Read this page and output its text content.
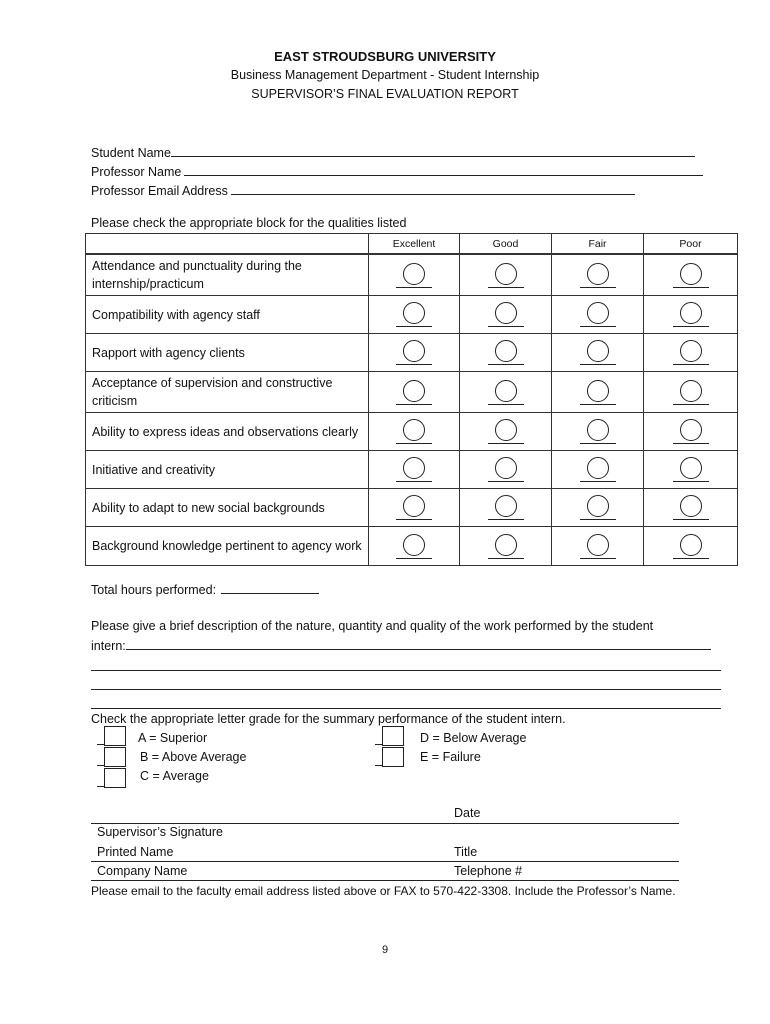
EAST STROUDSBURG UNIVERSITY
Business Management Department - Student Internship
SUPERVISOR’S FINAL EVALUATION REPORT
Student Name
Professor Name
Professor Email Address
Please check the appropriate block for the qualities listed
	Excellent	Good	Fair	Poor
Attendance and punctuality during the internship/practicum				
Compatibility with agency staff				
Rapport with agency clients				
Acceptance of supervision and constructive criticism				
Ability to express ideas and observations clearly				
Initiative and creativity				
Ability to adapt to new social backgrounds				
Background knowledge pertinent to agency work				
Total hours performed:
Please give a brief description of the nature, quantity and quality of the work performed by the student
intern:
Check the appropriate letter grade for the summary performance of the student intern.
A = Superior
B = Above Average
C = Average
D = Below Average
E = Failure
Date
Supervisor’s Signature
Printed Name	Title
Company Name	Telephone #
Please email to the faculty email address listed above or FAX to 570-422-3308. Include the Professor’s Name.
9
